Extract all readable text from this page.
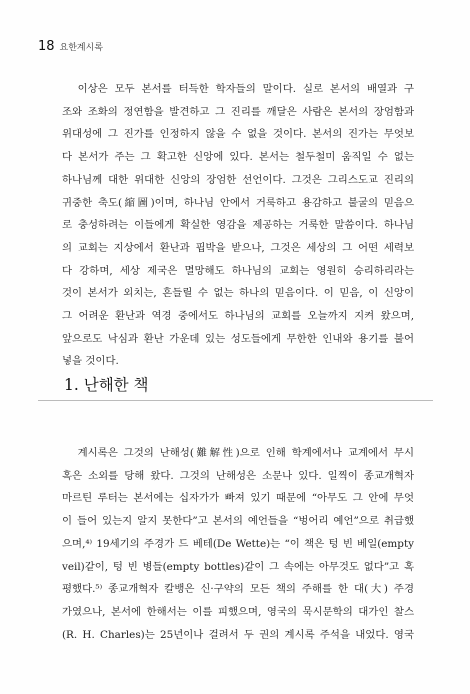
18 요한계시록

이상은 모두 본서를 터득한 학자들의 말이다. 실로 본서의 배열과 구
조와 조화의 정연함을 발견하고 그 진리를 깨달은 사람은 본서의 장엄함과
위대성에 그 진가를 인정하지 않을 수 없을 것이다. 본서의 진가는 무엇보
다 본서가 주는 그 확고한 신앙에 있다. 본서는 철두철미 움직일 수 없는
하나님께 대한 위대한 신앙의 장엄한 선언이다. 그것은 그리스도교 진리의
귀중한 축도(縮圖)이며, 하나님 안에서 거룩하고 용감하고 불굴의 믿음으
로 충성하려는 이들에게 확실한 영감을 제공하는 거룩한 말씀이다. 하나님
의 교회는 지상에서 환난과 핍박을 받으나, 그것은 세상의 그 어떤 세력보
다 강하며, 세상 제국은 멸망해도 하나님의 교회는 영원히 승리하리라는
것이 본서가 외치는, 흔들릴 수 없는 하나의 믿음이다. 이 믿음, 이 신앙이
그 어려운 환난과 역경 중에서도 하나님의 교회를 오늘까지 지켜 왔으며,
앞으로도 낙심과 환난 가운데 있는 성도들에게 무한한 인내와 용기를 불어
넣을 것이다.

1. 난해한 책

계시록은 그것의 난해성(難解性)으로 인해 학계에서나 교계에서 무시
혹은 소외를 당해 왔다. 그것의 난해성은 소문나 있다. 일찍이 종교개혁자
마르틴 루터는 본서에는 십자가가 빠져 있기 때문에 “아무도 그 안에 무엇
이 들어 있는지 알지 못한다”고 본서의 예언들을 “벙어리 예언”으로 취급했
으며,⁴⁾ 19세기의 주경가 드 베테(De Wette)는 “이 책은 텅 빈 베일(empty
veil)같이, 텅 빈 병들(empty bottles)같이 그 속에는 아무것도 없다”고 혹
평했다.⁵⁾ 종교개혁자 칼뱅은 신·구약의 모든 책의 주해를 한 대(大) 주경
가였으나, 본서에 한해서는 이를 피했으며, 영국의 묵시문학의 대가인 찰스
(R. H. Charles)는 25년이나 걸려서 두 권의 계시록 주석을 내었다. 영국
